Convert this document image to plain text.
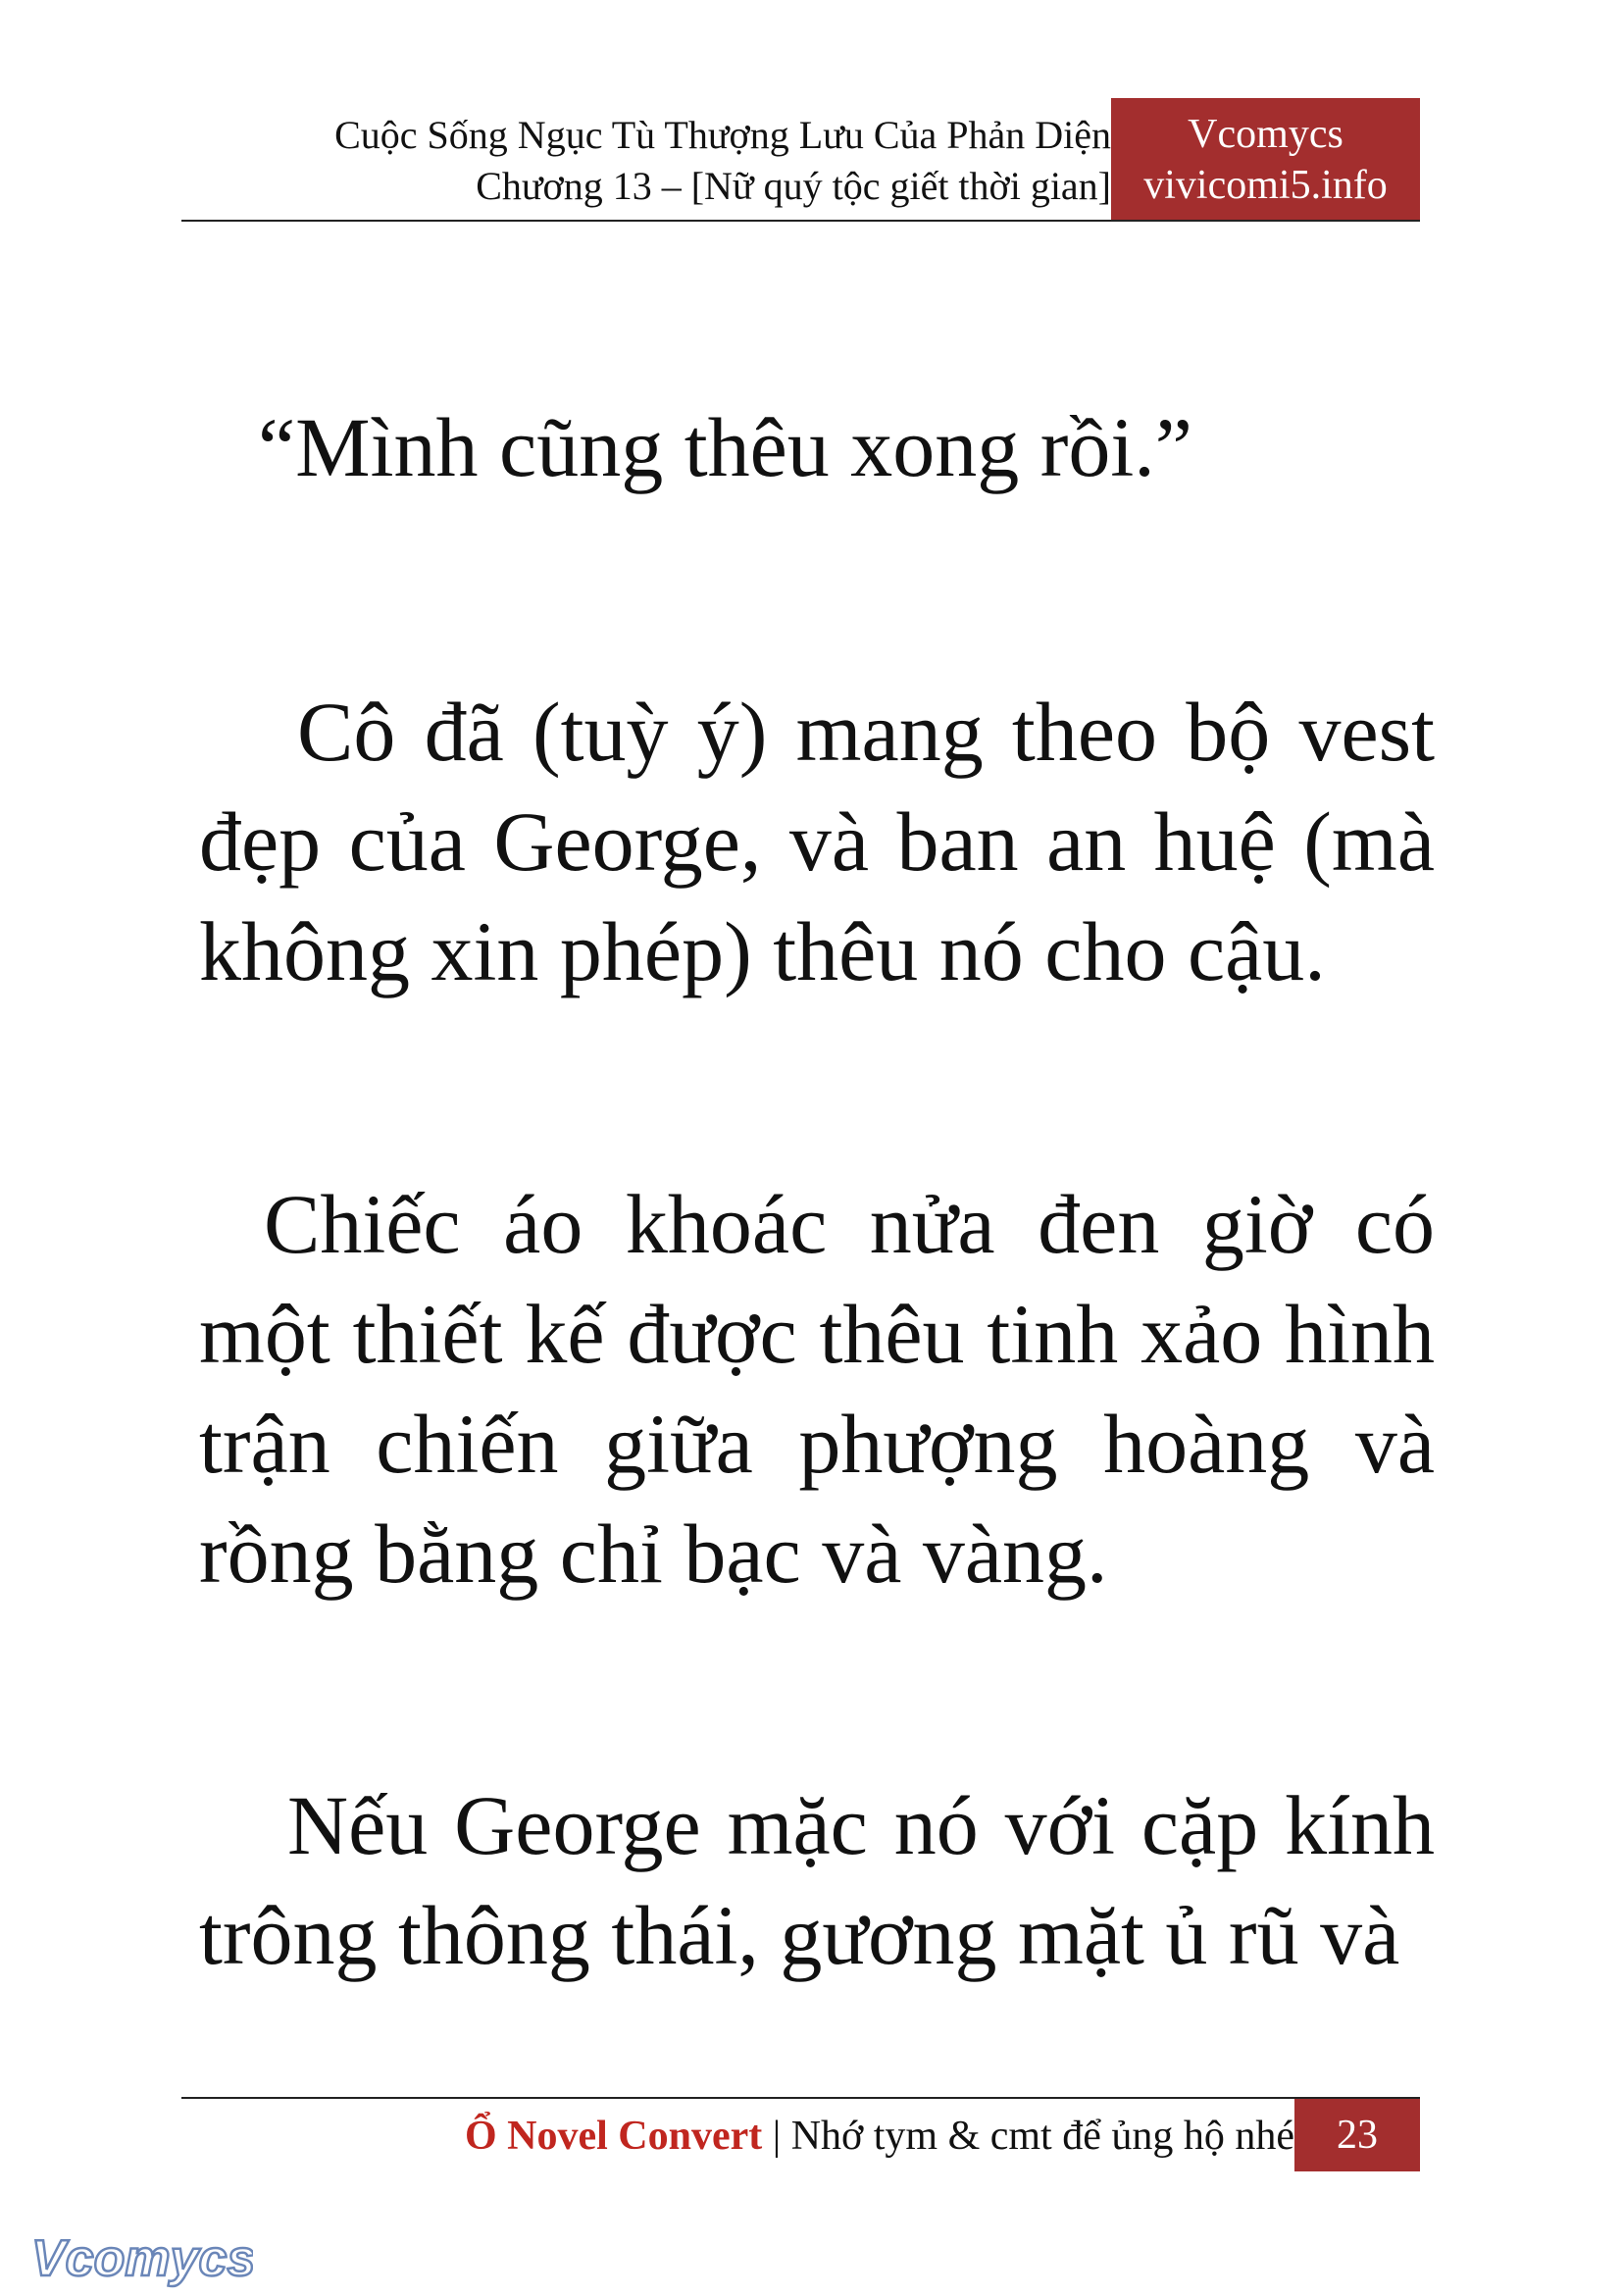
Cuộc Sống Ngục Tù Thượng Lưu Của Phản Diện
Chương 13 – [Nữ quý tộc giết thời gian]
Vcomycs
vivicomi5.info

“Mình cũng thêu xong rồi.”

Cô đã (tuỳ ý) mang theo bộ vest đẹp của George, và ban an huệ (mà không xin phép) thêu nó cho cậu.

Chiếc áo khoác nửa đen giờ có một thiết kế được thêu tinh xảo hình trận chiến giữa phượng hoàng và rồng bằng chỉ bạc và vàng.

Nếu George mặc nó với cặp kính trông thông thái, gương mặt ủ rũ và

Ổ Novel Convert | Nhớ tym & cmt để ủng hộ nhé	23
Vcomycs
